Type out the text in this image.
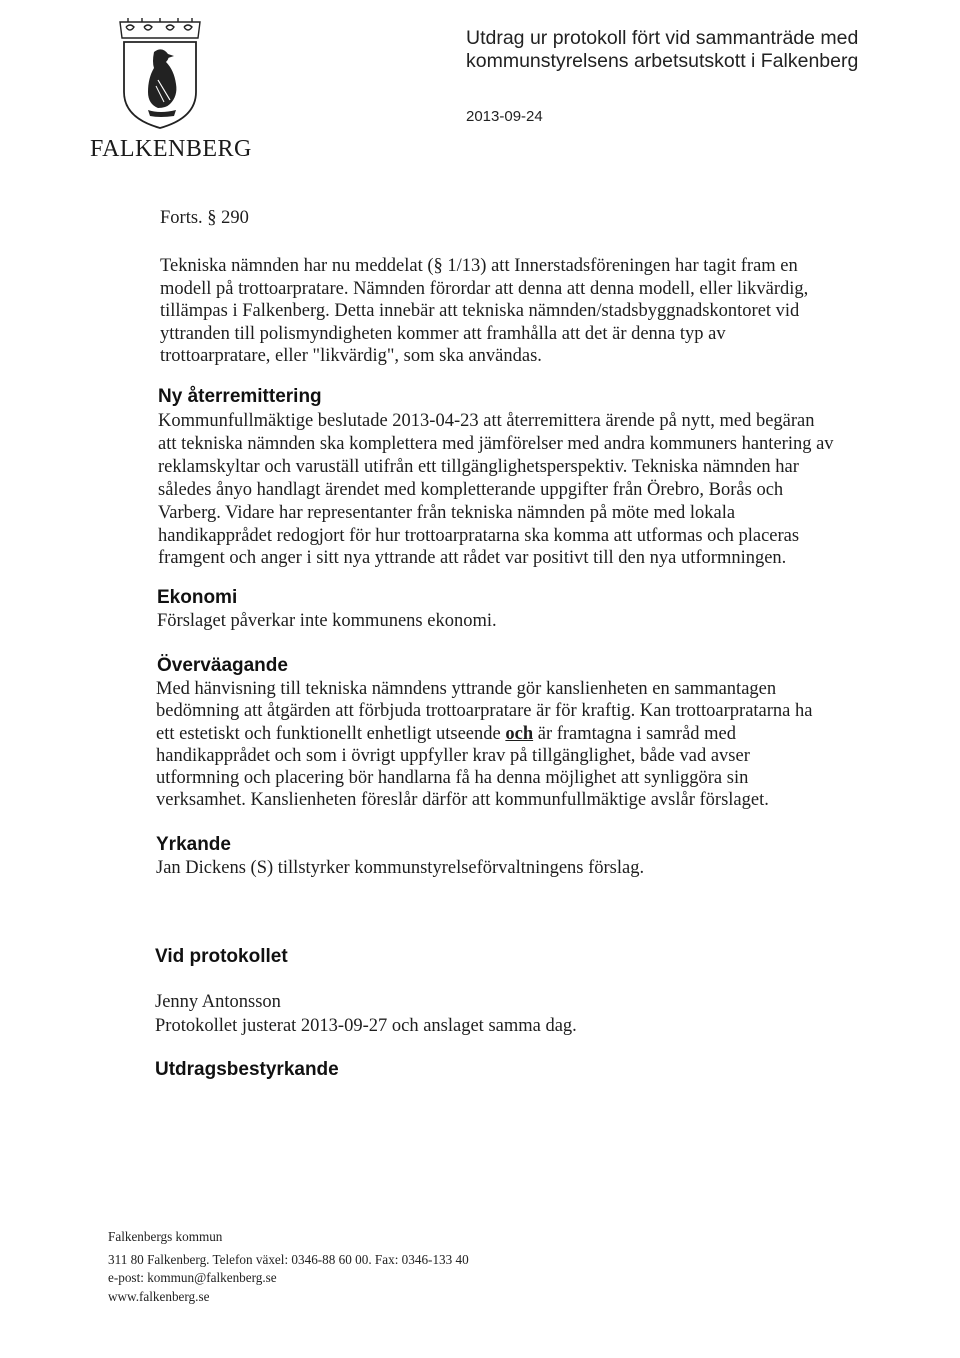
FALKENBERG
Utdrag ur protokoll fört vid sammanträde med
kommunstyrelsens arbetsutskott i Falkenberg
2013-09-24
Forts. § 290
Tekniska nämnden har nu meddelat (§ 1/13) att Innerstadsföreningen har tagit fram en
modell på trottoarpratare. Nämnden förordar att denna att denna modell, eller likvärdig,
tillämpas i Falkenberg. Detta innebär att tekniska nämnden/stadsbyggnadskontoret vid
yttranden till polismyndigheten kommer att framhålla att det är denna typ av
trottoarpratare, eller "likvärdig", som ska användas.
Ny återremittering
Kommunfullmäktige beslutade 2013-04-23 att återremittera ärende på nytt, med begäran
att tekniska nämnden ska komplettera med jämförelser med andra kommuners hantering av
reklamskyltar och varuställ utifrån ett tillgänglighetsperspektiv. Tekniska nämnden har
således ånyo handlagt ärendet med kompletterande uppgifter från Örebro, Borås och
Varberg. Vidare har representanter från tekniska nämnden på möte med lokala
handikapprådet redogjort för hur trottoarpratarna ska komma att utformas och placeras
framgent och anger i sitt nya yttrande att rådet var positivt till den nya utformningen.
Ekonomi
Förslaget påverkar inte kommunens ekonomi.
Överväagande
Med hänvisning till tekniska nämndens yttrande gör kanslienheten en sammantagen
bedömning att åtgärden att förbjuda trottoarpratare är för kraftig. Kan trottoarpratarna ha
ett estetiskt och funktionellt enhetligt utseende och är framtagna i samråd med
handikapprådet och som i övrigt uppfyller krav på tillgänglighet, både vad avser
utformning och placering bör handlarna få ha denna möjlighet att synliggöra sin
verksamhet. Kanslienheten föreslår därför att kommunfullmäktige avslår förslaget.
Yrkande
Jan Dickens (S) tillstyrker kommunstyrelseförvaltningens förslag.
Vid protokollet
Jenny Antonsson
Protokollet justerat 2013-09-27 och anslaget samma dag.
Utdragsbestyrkande
Falkenbergs kommun
311 80 Falkenberg. Telefon växel: 0346-88 60 00. Fax: 0346-133 40
e-post: kommun@falkenberg.se
www.falkenberg.se
